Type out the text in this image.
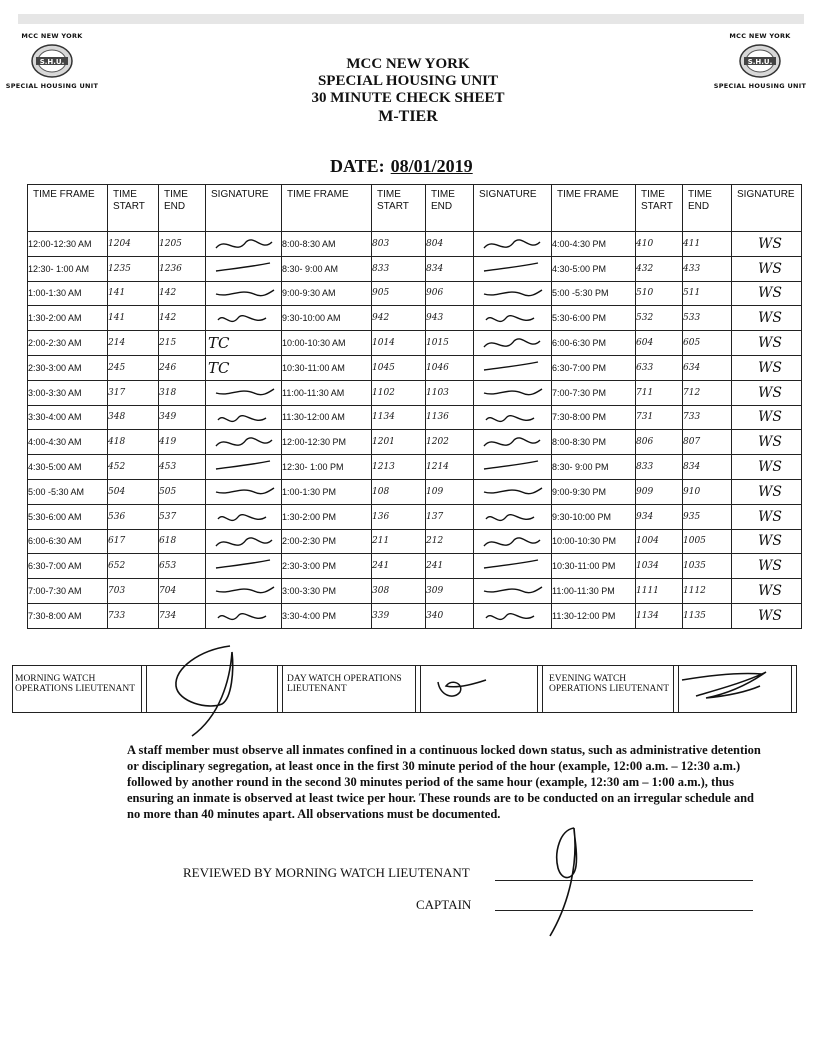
MCC NEW YORK
S.H.U.
SPECIAL HOUSING UNIT
MCC NEW YORK
S.H.U.
SPECIAL HOUSING UNIT
MCC NEW YORK
SPECIAL HOUSING UNIT
30 MINUTE CHECK SHEET
M-TIER
DATE: 08/01/2019
TIME FRAME	TIME START	TIME END	SIGNATURE	TIME FRAME	TIME START	TIME END	SIGNATURE	TIME FRAME	TIME START	TIME END	SIGNATURE
12:00-12:30 AM	1204	1205		8:00-8:30 AM	803	804		4:00-4:30 PM	410	411	WS
12:30- 1:00 AM	1235	1236		8:30- 9:00 AM	833	834		4:30-5:00 PM	432	433	WS
1:00-1:30 AM	141	142		9:00-9:30 AM	905	906		5:00 -5:30 PM	510	511	WS
1:30-2:00 AM	141	142		9:30-10:00 AM	942	943		5:30-6:00 PM	532	533	WS
2:00-2:30 AM	214	215	TC	10:00-10:30 AM	1014	1015		6:00-6:30 PM	604	605	WS
2:30-3:00 AM	245	246	TC	10:30-11:00 AM	1045	1046		6:30-7:00 PM	633	634	WS
3:00-3:30 AM	317	318		11:00-11:30 AM	1102	1103		7:00-7:30 PM	711	712	WS
3:30-4:00 AM	348	349		11:30-12:00 AM	1134	1136		7:30-8:00 PM	731	733	WS
4:00-4:30 AM	418	419		12:00-12:30 PM	1201	1202		8:00-8:30 PM	806	807	WS
4:30-5:00 AM	452	453		12:30- 1:00 PM	1213	1214		8:30- 9:00 PM	833	834	WS
5:00 -5:30 AM	504	505		1:00-1:30 PM	108	109		9:00-9:30 PM	909	910	WS
5:30-6:00 AM	536	537		1:30-2:00 PM	136	137		9:30-10:00 PM	934	935	WS
6:00-6:30 AM	617	618		2:00-2:30 PM	211	212		10:00-10:30 PM	1004	1005	WS
6:30-7:00 AM	652	653		2:30-3:00 PM	241	241		10:30-11:00 PM	1034	1035	WS
7:00-7:30 AM	703	704		3:00-3:30 PM	308	309		11:00-11:30 PM	1111	1112	WS
7:30-8:00 AM	733	734		3:30-4:00 PM	339	340		11:30-12:00 PM	1134	1135	WS
MORNING WATCH OPERATIONS LIEUTENANT
DAY WATCH OPERATIONS LIEUTENANT
EVENING WATCH OPERATIONS LIEUTENANT
A staff member must observe all inmates confined in a continuous locked down status, such as administrative detention or disciplinary segregation, at least once in the first 30 minute period of the hour (example, 12:00 a.m. – 12:30 a.m.) followed by another round in the second 30 minutes period of the same hour (example, 12:30 am – 1:00 a.m.), thus ensuring an inmate is observed at least twice per hour. These rounds are to be conducted on an irregular schedule and no more than 40 minutes apart. All observations must be documented.
REVIEWED BY MORNING WATCH LIEUTENANT
CAPTAIN
